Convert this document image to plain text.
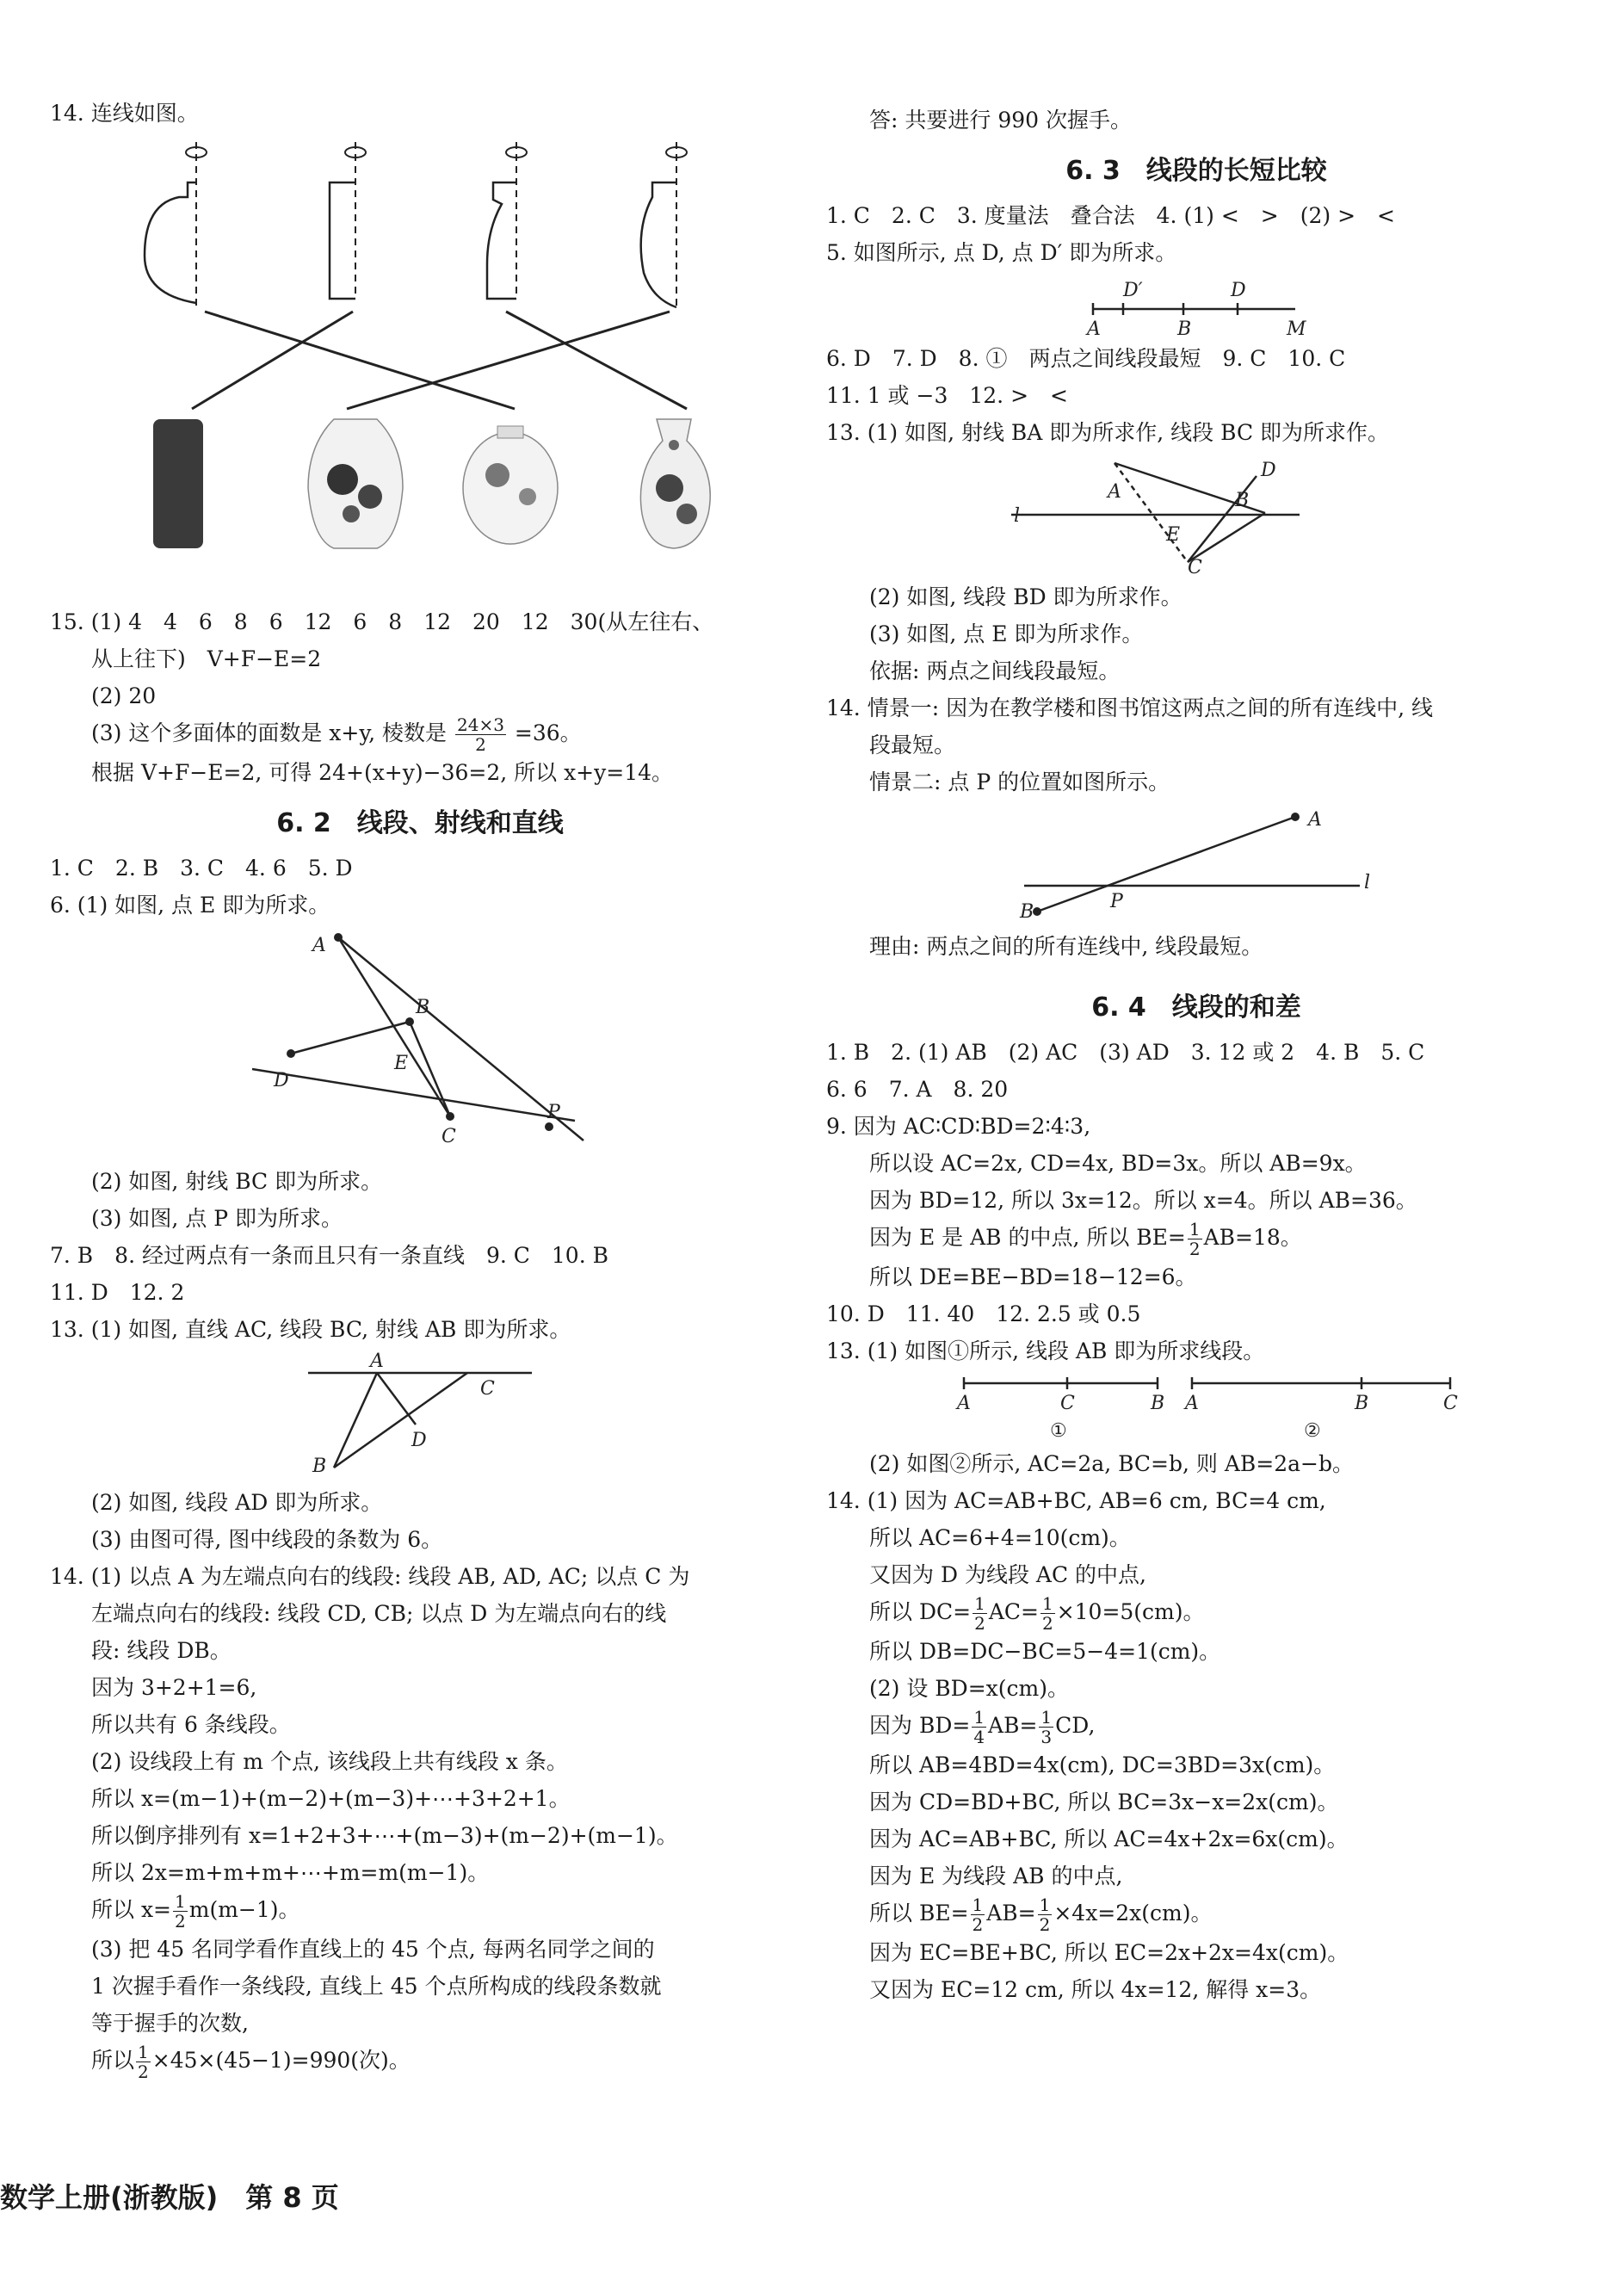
14. 连线如图。
15. (1) 4　4　6　8　6　12　6　8　12　20　12　30(从左往右、
从上往下)　V+F−E=2
(2) 20
(3) 这个多面体的面数是 x+y, 棱数是 $\frac{24\times 3}{2} =36$。
根据 V+F−E=2, 可得 24+(x+y)−36=2, 所以 x+y=14。
6. 2　线段、射线和直线
1. C　2. B　3. C　4. 6　5. D
6. (1) 如图, 点 E 即为所求。
A
D
B
E
C
P
(2) 如图, 射线 BC 即为所求。
(3) 如图, 点 P 即为所求。
7. B　8. 经过两点有一条而且只有一条直线　9. C　10. B
11. D　12. 2
13. (1) 如图, 直线 AC, 线段 BC, 射线 AB 即为所求。
A
C
D
B
(2) 如图, 线段 AD 即为所求。
(3) 由图可得, 图中线段的条数为 6。
14. (1) 以点 A 为左端点向右的线段: 线段 AB, AD, AC; 以点 C 为
左端点向右的线段: 线段 CD, CB; 以点 D 为左端点向右的线
段: 线段 DB。
因为 3+2+1=6,
所以共有 6 条线段。
(2) 设线段上有 m 个点, 该线段上共有线段 x 条。
所以 x=(m−1)+(m−2)+(m−3)+⋯+3+2+1。
所以倒序排列有 x=1+2+3+⋯+(m−3)+(m−2)+(m−1)。
所以 2x=m+m+m+⋯+m=m(m−1)。
所以 $x= \frac{1}{2} m(m-1)$。
(3) 把 45 名同学看作直线上的 45 个点, 每两名同学之间的
1 次握手看作一条线段, 直线上 45 个点所构成的线段条数就
等于握手的次数,
所以 $\frac{1}{2} \times 45\times(45-1)=990$(次)。
答: 共要进行 990 次握手。
6. 3　线段的长短比较
1. C　2. C　3. 度量法　叠合法　4. (1) <　>　(2) >　<
5. 如图所示, 点 D, 点 D′ 即为所求。
D′	D
A	B	M
6. D　7. D　8. ①　两点之间线段最短　9. C　10. C
11. 1 或 −3　12. >　<
13. (1) 如图, 射线 BA 即为所求作, 线段 BC 即为所求作。
A	B
D
E
C
l
(2) 如图, 线段 BD 即为所求作。
(3) 如图, 点 E 即为所求作。
依据: 两点之间线段最短。
14. 情景一: 因为在教学楼和图书馆这两点之间的所有连线中, 线
段最短。
情景二: 点 P 的位置如图所示。
A
B	P
l
理由: 两点之间的所有连线中, 线段最短。
6. 4　线段的和差
1. B　2. (1) AB　(2) AC　(3) AD　3. 12 或 2　4. B　5. C
6. 6　7. A　8. 20
9. 因为 AC∶CD∶BD=2∶4∶3,
所以设 AC=2x, CD=4x, BD=3x。所以 AB=9x。
因为 BD=12, 所以 3x=12。所以 x=4。所以 AB=36。
因为 E 是 AB 的中点, 所以 $BE= \frac{1}{2} AB=18$。
所以 DE=BE−BD=18−12=6。
10. D　11. 40　12. 2.5 或 0.5
13. (1) 如图①所示, 线段 AB 即为所求线段。
A	C	B A	B	C
①	②
(2) 如图②所示, AC=2a, BC=b, 则 AB=2a−b。
14. (1) 因为 AC=AB+BC, AB=6 cm, BC=4 cm,
所以 AC=6+4=10(cm)。
又因为 D 为线段 AC 的中点,
所以 $DC= \frac{1}{2} AC= \frac{1}{2} \times 10=5(cm)$。
所以 DB=DC−BC=5−4=1(cm)。
(2) 设 BD=x(cm)。
因为 $BD= \frac{1}{4} AB= \frac{1}{3}$ CD,
所以 AB=4BD=4x(cm), DC=3BD=3x(cm)。
因为 CD=BD+BC, 所以 BC=3x−x=2x(cm)。
因为 AC=AB+BC, 所以 AC=4x+2x=6x(cm)。
因为 E 为线段 AB 的中点,
所以 $BE= \frac{1}{2} AB= \frac{1}{2} \times 4x=2x(cm)$。
因为 EC=BE+BC, 所以 EC=2x+2x=4x(cm)。
又因为 EC=12 cm, 所以 4x=12, 解得 x=3。
数学上册(浙教版)　第 8 页
